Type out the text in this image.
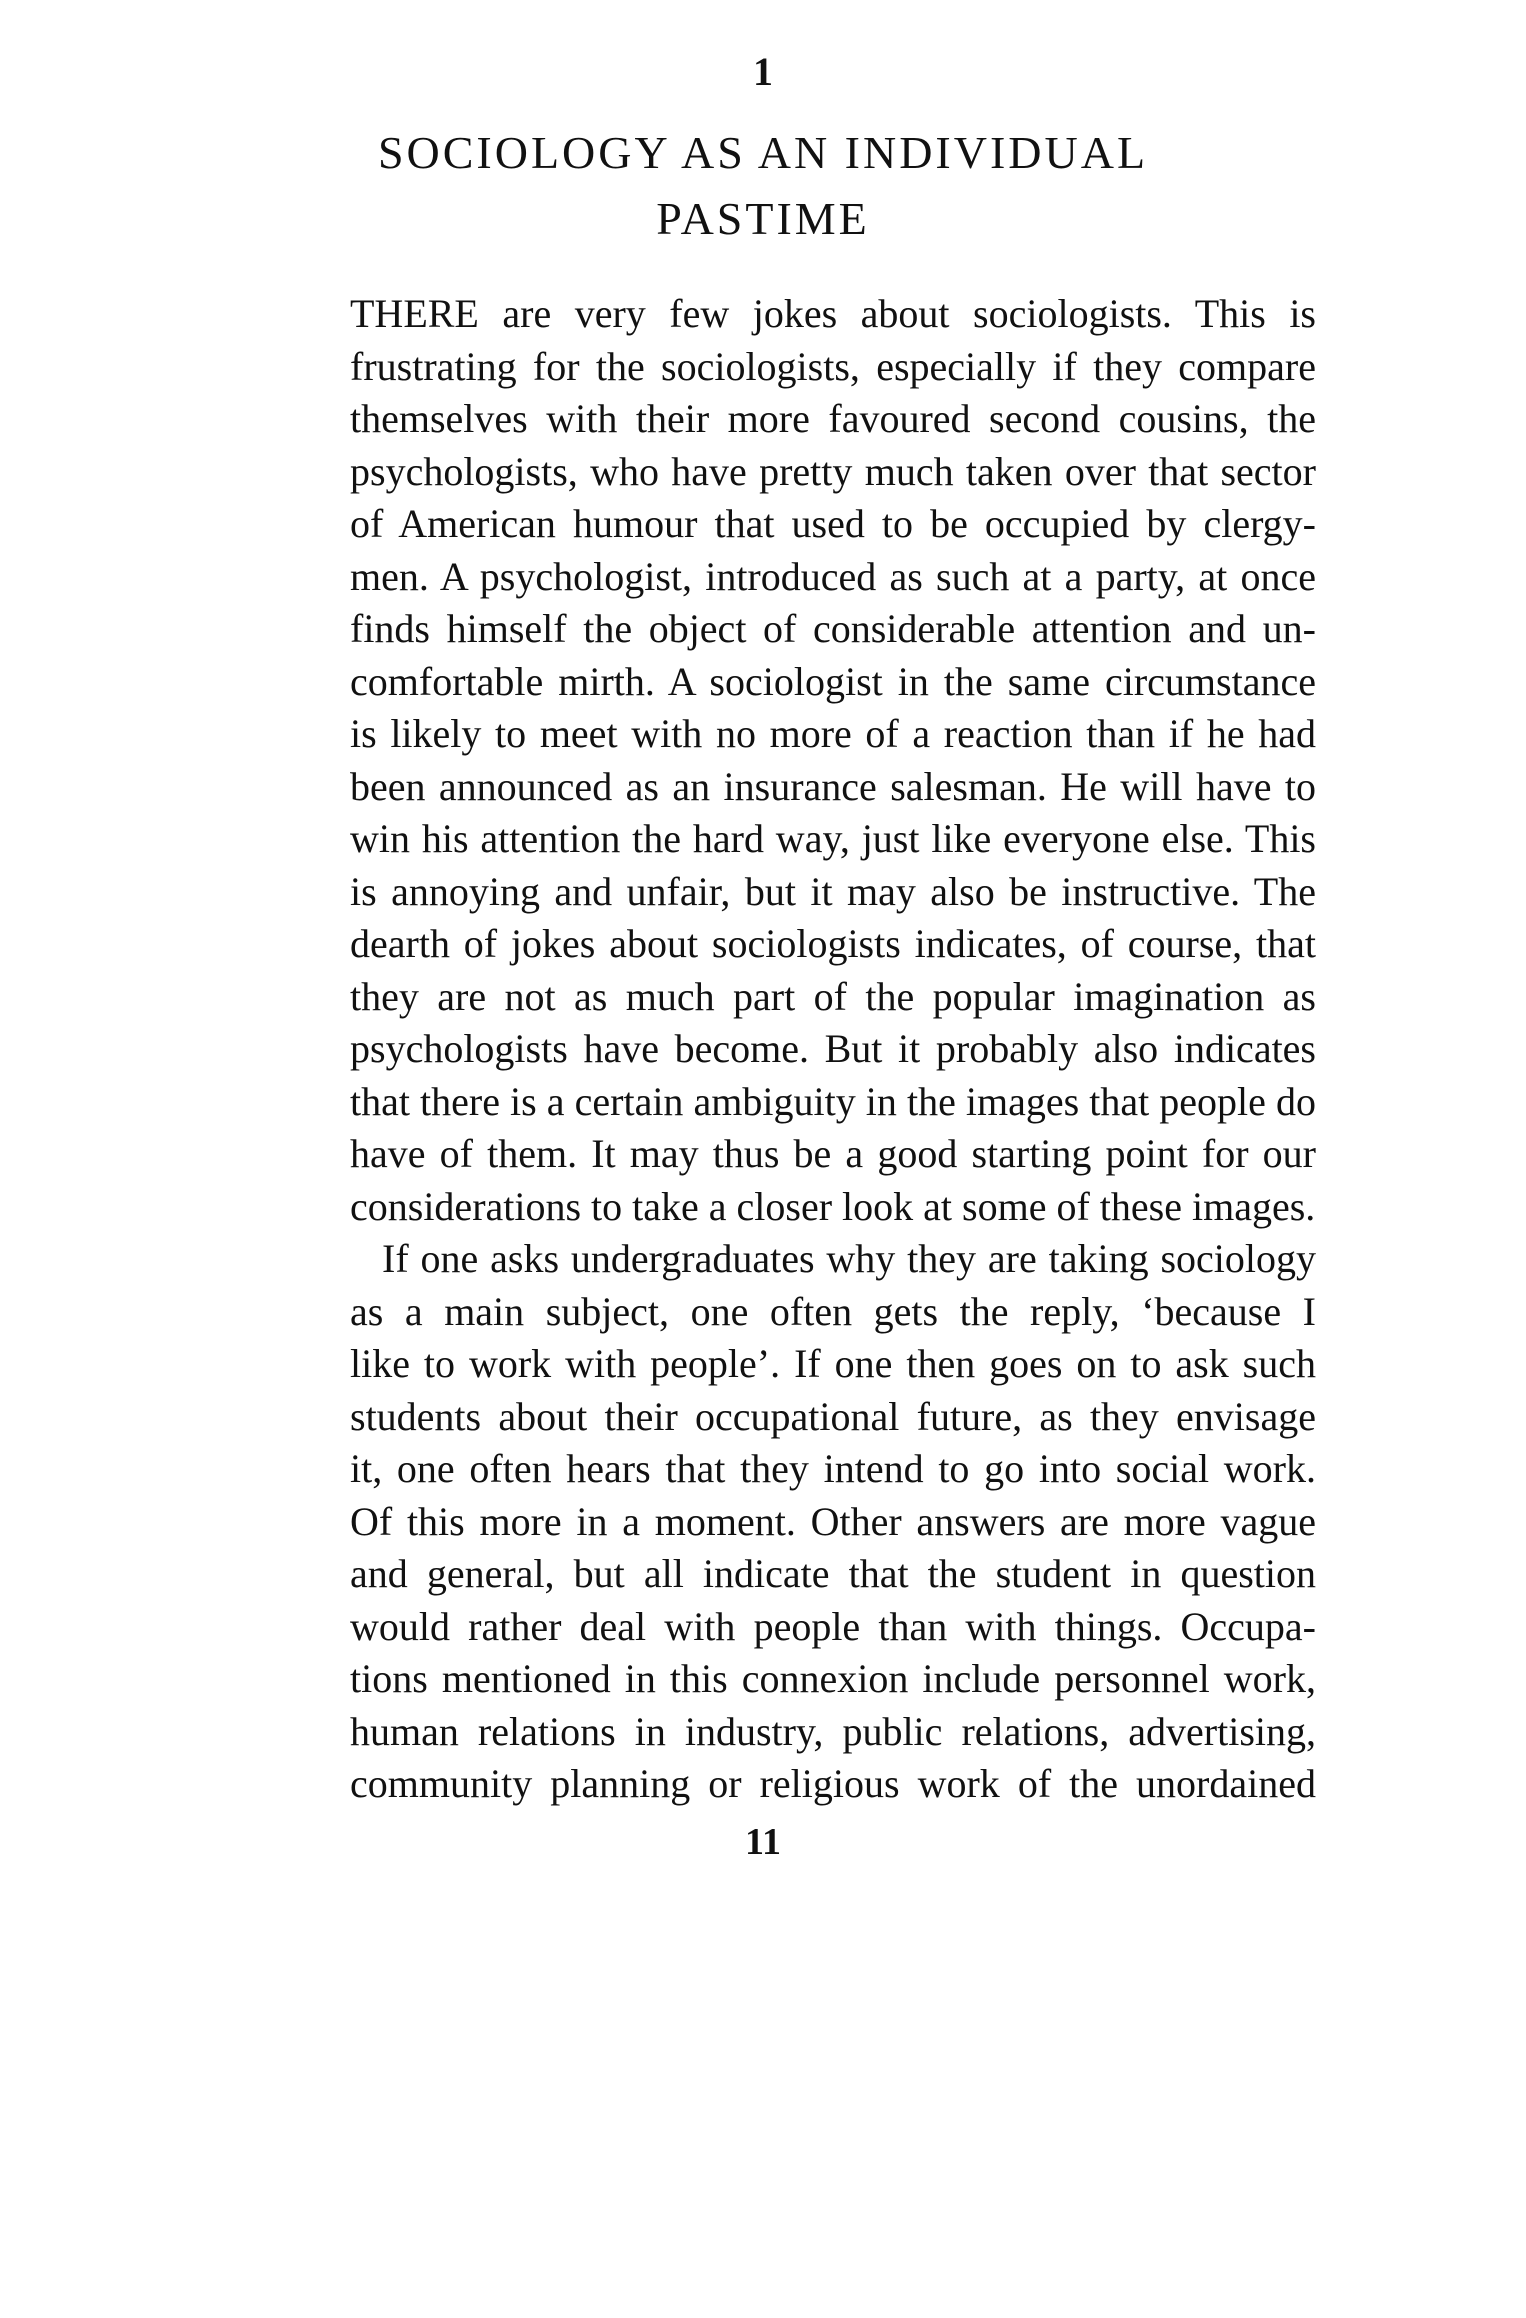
1
SOCIOLOGY AS AN INDIVIDUAL
PASTIME
THERE are very few jokes about sociologists. This is
frustrating for the sociologists, especially if they compare
themselves with their more favoured second cousins, the
psychologists, who have pretty much taken over that sector
of American humour that used to be occupied by clergy-
men. A psychologist, introduced as such at a party, at once
finds himself the object of considerable attention and un-
comfortable mirth. A sociologist in the same circumstance
is likely to meet with no more of a reaction than if he had
been announced as an insurance salesman. He will have to
win his attention the hard way, just like everyone else. This
is annoying and unfair, but it may also be instructive. The
dearth of jokes about sociologists indicates, of course, that
they are not as much part of the popular imagination as
psychologists have become. But it probably also indicates
that there is a certain ambiguity in the images that people do
have of them. It may thus be a good starting point for our
considerations to take a closer look at some of these images.
If one asks undergraduates why they are taking sociology
as a main subject, one often gets the reply, ‘because I
like to work with people’. If one then goes on to ask such
students about their occupational future, as they envisage
it, one often hears that they intend to go into social work.
Of this more in a moment. Other answers are more vague
and general, but all indicate that the student in question
would rather deal with people than with things. Occupa-
tions mentioned in this connexion include personnel work,
human relations in industry, public relations, advertising,
community planning or religious work of the unordained
11
